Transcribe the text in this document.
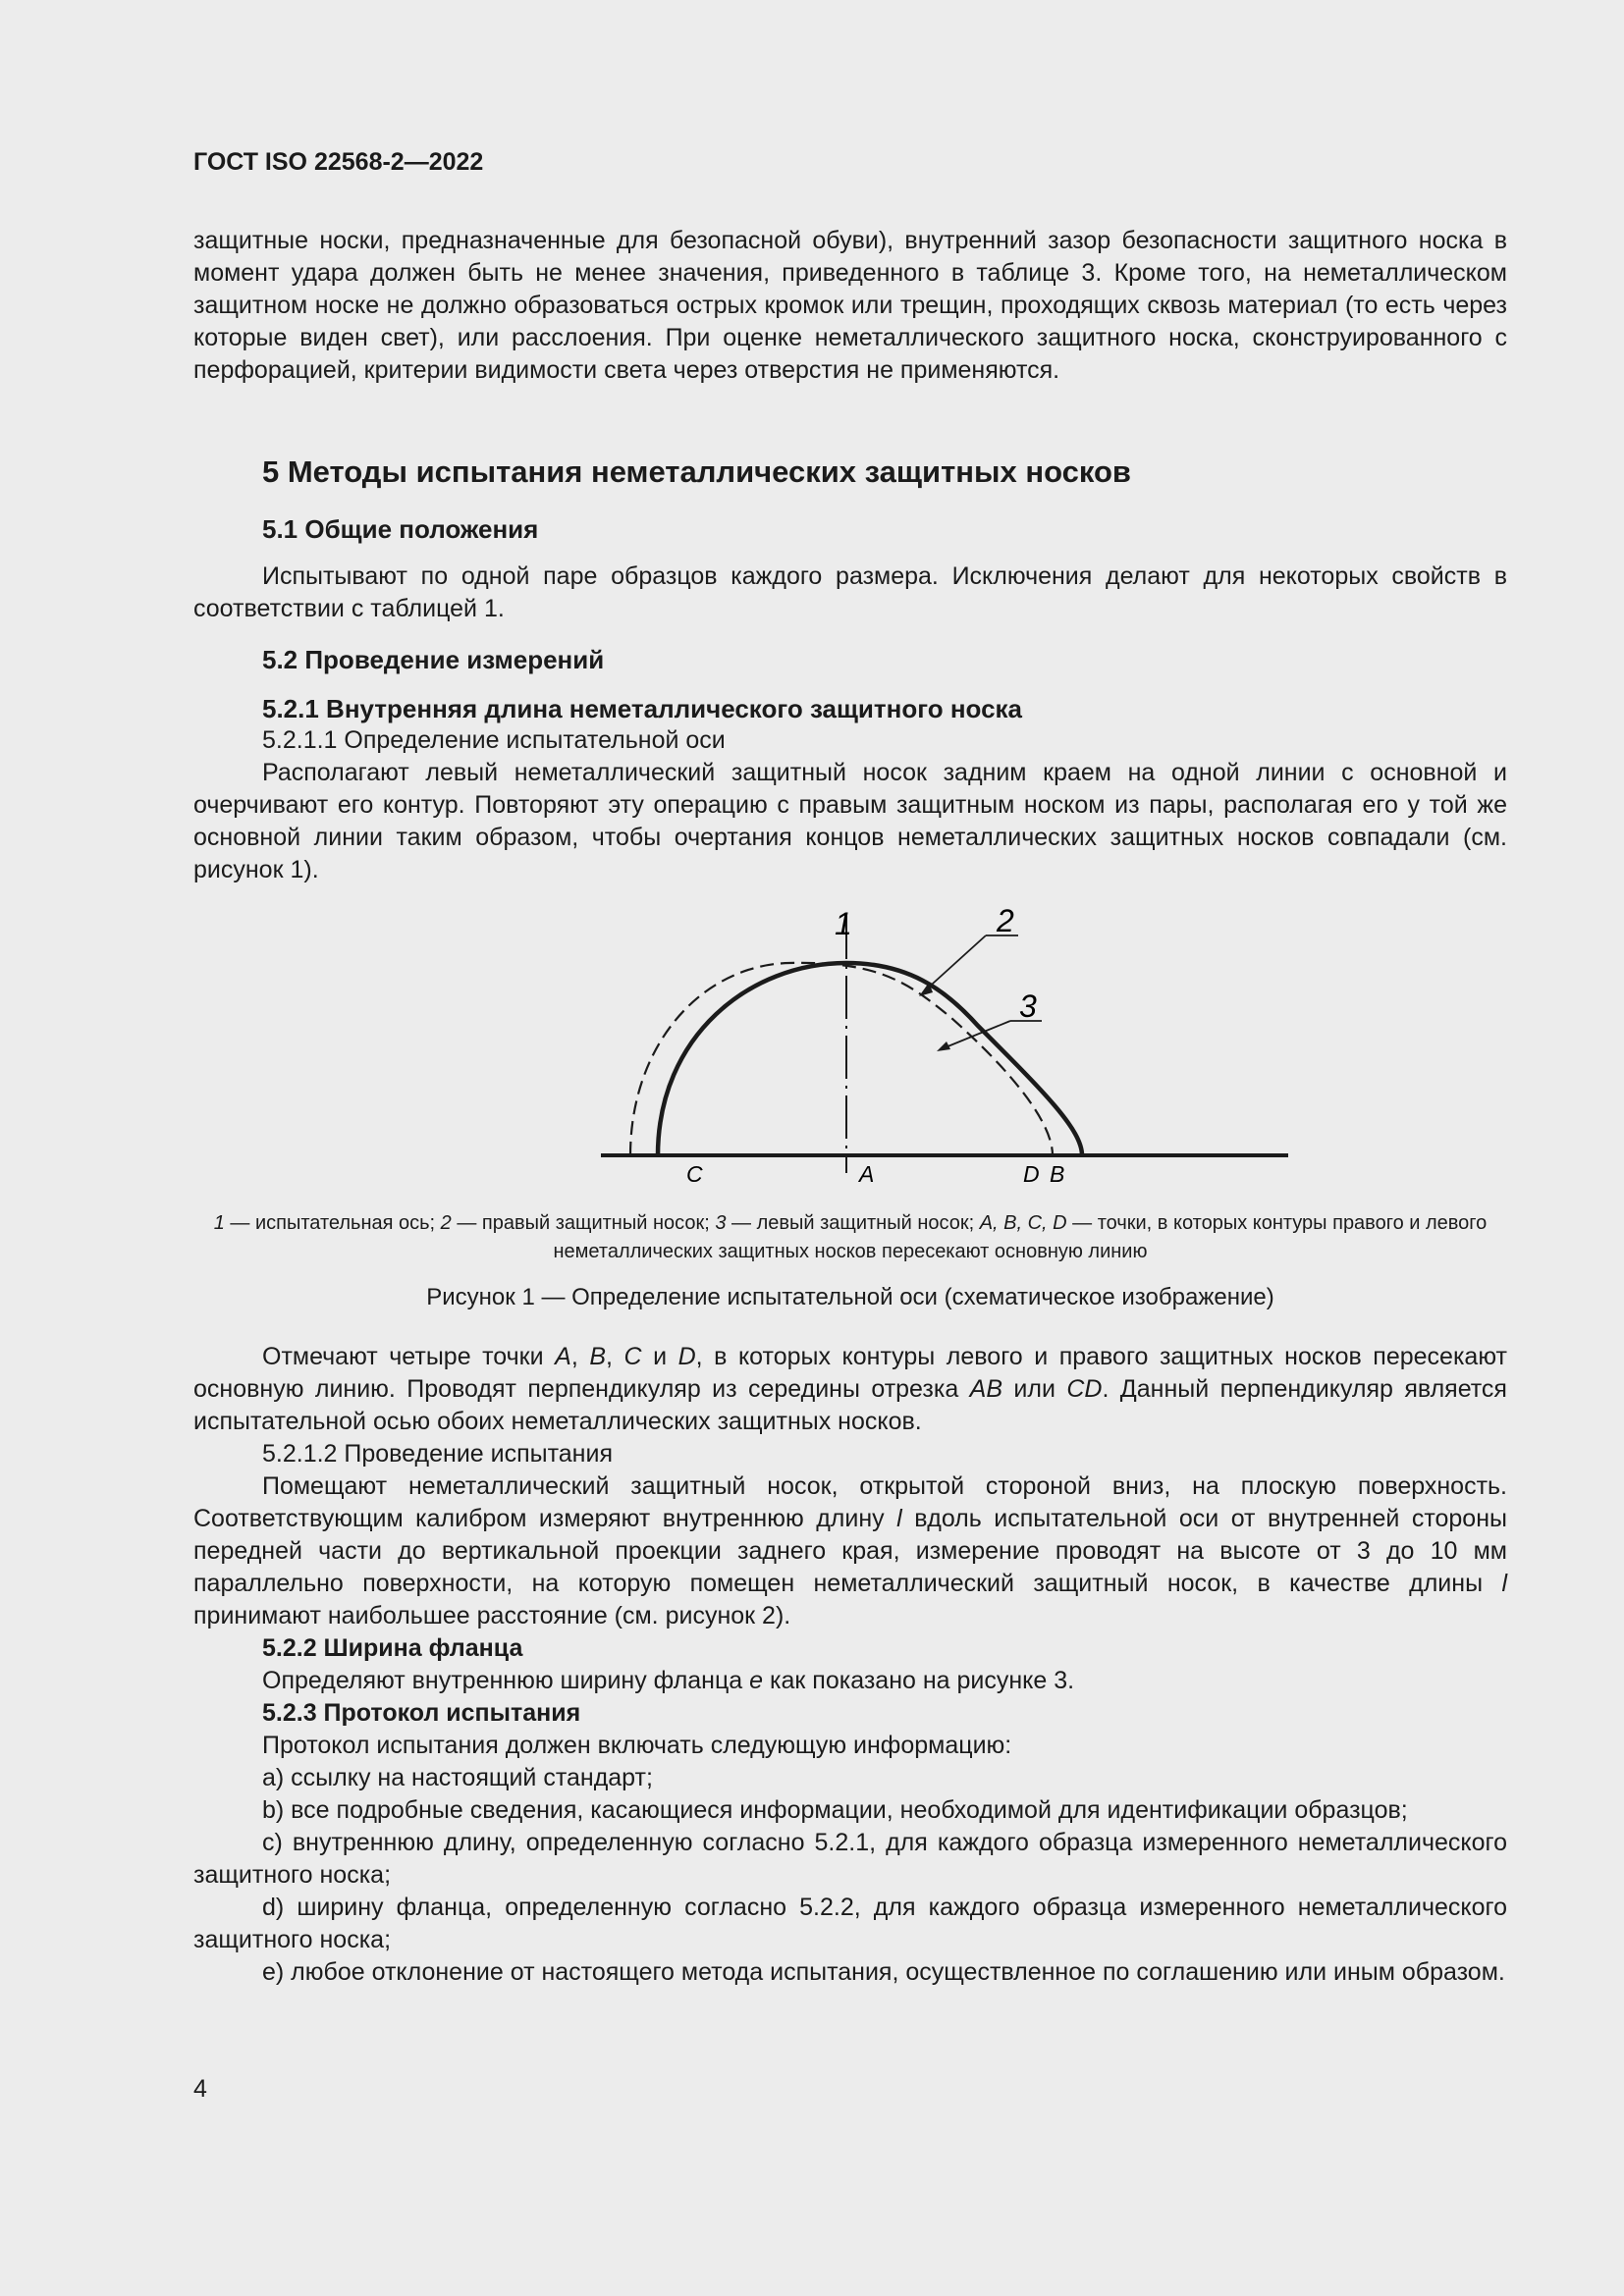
ГОСТ ISO 22568-2—2022

защитные носки, предназначенные для безопасной обуви), внутренний зазор безопасности защитного носка в момент удара должен быть не менее значения, приведенного в таблице 3. Кроме того, на неметаллическом защитном носке не должно образоваться острых кромок или трещин, проходящих сквозь материал (то есть через которые виден свет), или расслоения. При оценке неметаллического защитного носка, сконструированного с перфорацией, критерии видимости света через отверстия не применяются.

5 Методы испытания неметаллических защитных носков
5.1 Общие положения

Испытывают по одной паре образцов каждого размера. Исключения делают для некоторых свойств в соответствии с таблицей 1.

5.2 Проведение измерений
5.2.1 Внутренняя длина неметаллического защитного носка

5.2.1.1 Определение испытательной оси

Располагают левый неметаллический защитный носок задним краем на одной линии с основной и очерчивают его контур. Повторяют эту операцию с правым защитным носком из пары, располагая его у той же основной линии таким образом, чтобы очертания концов неметаллических защитных носков совпадали (см. рисунок 1).

1	2
3
A
C	D B

1 — испытательная ось; 2 — правый защитный носок; 3 — левый защитный носок; A, B, C, D — точки, в которых контуры правого и левого неметаллических защитных носков пересекают основную линию

Рисунок 1 — Определение испытательной оси (схематическое изображение)

Отмечают четыре точки A, B, C и D, в которых контуры левого и правого защитных носков пересекают основную линию. Проводят перпендикуляр из середины отрезка AB или CD. Данный перпендикуляр является испытательной осью обоих неметаллических защитных носков.

5.2.1.2 Проведение испытания

Помещают неметаллический защитный носок, открытой стороной вниз, на плоскую поверхность. Соответствующим калибром измеряют внутреннюю длину l вдоль испытательной оси от внутренней стороны передней части до вертикальной проекции заднего края, измерение проводят на высоте от 3 до 10 мм параллельно поверхности, на которую помещен неметаллический защитный носок, в качестве длины l принимают наибольшее расстояние (см. рисунок 2).

5.2.2 Ширина фланца

Определяют внутреннюю ширину фланца e как показано на рисунке 3.

5.2.3 Протокол испытания

Протокол испытания должен включать следующую информацию:

a) ссылку на настоящий стандарт;

b) все подробные сведения, касающиеся информации, необходимой для идентификации образцов;

c) внутреннюю длину, определенную согласно 5.2.1, для каждого образца измеренного неметаллического защитного носка;

d) ширину фланца, определенную согласно 5.2.2, для каждого образца измеренного неметаллического защитного носка;

e) любое отклонение от настоящего метода испытания, осуществленное по соглашению или иным образом.

4
